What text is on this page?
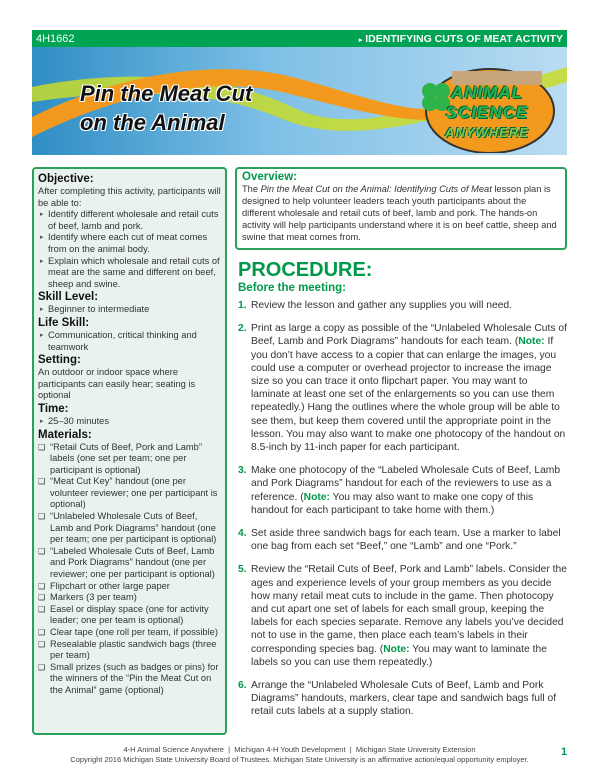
4H1662	▸ IDENTIFYING CUTS OF MEAT ACTIVITY
Pin the Meat Cut
on the Animal
ANIMAL
SCIENCE
ANYWHERE
Objective:

After completing this activity, participants will be able to:

▸ Identify different wholesale and retail cuts of beef, lamb and pork.
▸ Identify where each cut of meat comes from on the animal body.
▸ Explain which wholesale and retail cuts of meat are the same and different on beef, sheep and swine.
Skill Level:
▸ Beginner to intermediate
Life Skill:
▸ Communication, critical thinking and teamwork
Setting:

An outdoor or indoor space where participants can easily hear; seating is optional

Time:
▸ 25–30 minutes
Materials:
❑ “Retail Cuts of Beef, Pork and Lamb” labels (one set per team; one per participant is optional)
❑ “Meat Cut Key” handout (one per volunteer reviewer; one per participant is optional)
❑ “Unlabeled Wholesale Cuts of Beef, Lamb and Pork Diagrams” handout (one per team; one per participant is optional)
❑ “Labeled Wholesale Cuts of Beef, Lamb and Pork Diagrams” handout (one per reviewer; one per participant is optional)
❑ Flipchart or other large paper
❑ Markers (3 per team)
❑ Easel or display space (one for activity leader; one per team is optional)
❑ Clear tape (one roll per team, if possible)
❑ Resealable plastic sandwich bags (three per team)
❑ Small prizes (such as badges or pins) for the winners of the “Pin the Meat Cut on the Animal” game (optional)
Overview:

The Pin the Meat Cut on the Animal: Identifying Cuts of Meat lesson plan is designed to help volunteer leaders teach youth participants about the different wholesale and retail cuts of beef, lamb and pork. The hands-on activity will help participants understand where it is on beef cattle, sheep and swine that meat comes from.

PROCEDURE:
Before the meeting:
1. Review the lesson and gather any supplies you will need.
2. Print as large a copy as possible of the “Unlabeled Wholesale Cuts of Beef, Lamb and Pork Diagrams” handouts for each team. (Note: If you don’t have access to a copier that can enlarge the images, you could use a computer or overhead projector to increase the image size so you can trace it onto flipchart paper. You may want to laminate at least one set of the enlargements so you can use them repeatedly.) Hang the outlines where the whole group will be able to see them, but keep them covered until the appropriate point in the lesson. You may also want to make one photocopy of the handout on 8.5-inch by 11-inch paper for each participant.
3. Make one photocopy of the “Labeled Wholesale Cuts of Beef, Lamb and Pork Diagrams” handout for each of the reviewers to use as a reference. (Note: You may also want to make one copy of this handout for each participant to take home with them.)
4. Set aside three sandwich bags for each team. Use a marker to label one bag from each set “Beef,” one “Lamb” and one “Pork.”
5. Review the “Retail Cuts of Beef, Pork and Lamb” labels. Consider the ages and experience levels of your group members as you decide how many retail meat cuts to include in the game. Then photocopy and cut apart one set of labels for each small group, keeping the labels for each species separate. Remove any labels you’ve decided not to use in the game, then place each team’s labels in their corresponding species bag. (Note: You may want to laminate the labels so you can use them repeatedly.)
6. Arrange the “Unlabeled Wholesale Cuts of Beef, Lamb and Pork Diagrams” handouts, markers, clear tape and sandwich bags full of retail cuts labels at a supply station.
4-H Animal Science Anywhere  |  Michigan 4-H Youth Development  |  Michigan State University Extension
Copyright 2016 Michigan State University Board of Trustees. Michigan State University is an affirmative action/equal opportunity employer.
1
